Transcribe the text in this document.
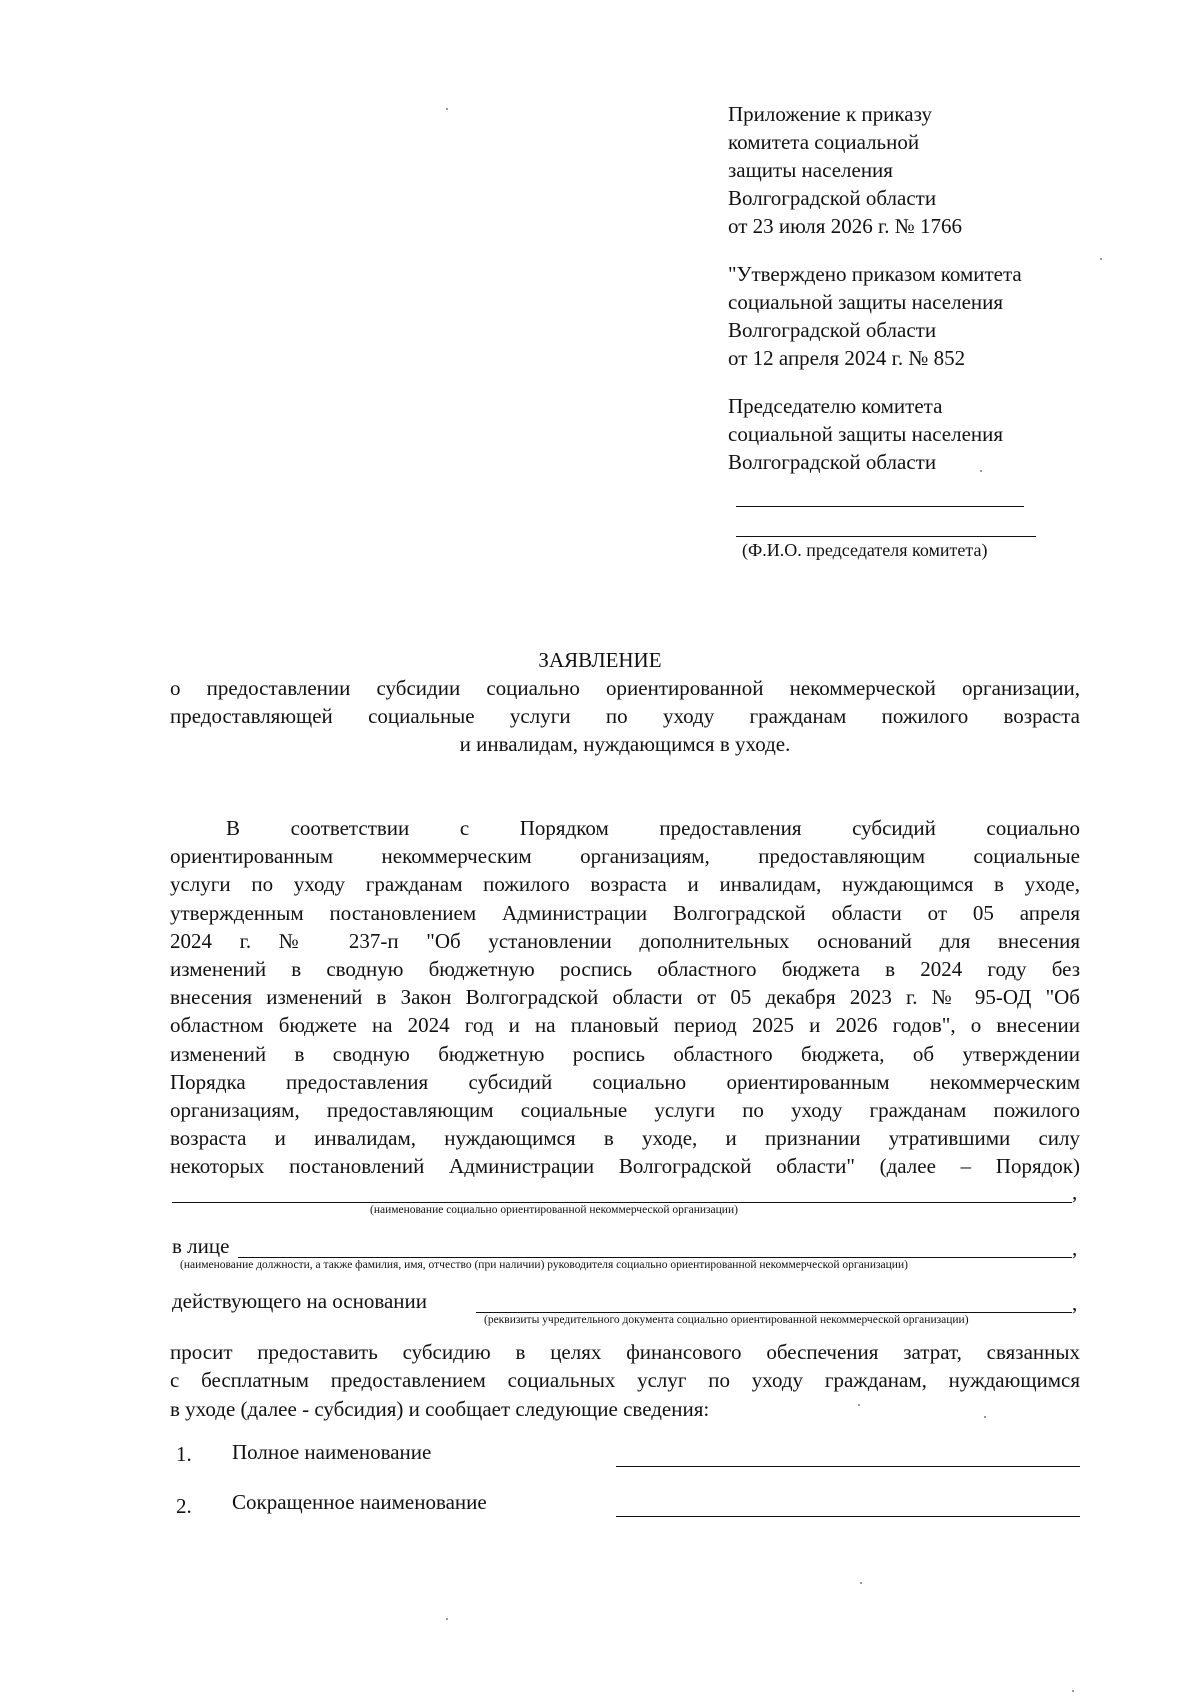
Приложение к приказу
комитета социальной
защиты населения
Волгоградской области
от 23 июля 2026 г. № 1766
"Утверждено приказом комитета
социальной защиты населения
Волгоградской области
от 12 апреля 2024 г. № 852
Председателю комитета
социальной защиты населения
Волгоградской области
(Ф.И.О. председателя комитета)
ЗАЯВЛЕНИЕ
о предоставлении субсидии социально ориентированной некоммерческой организации,
предоставляющей социальные услуги по уходу гражданам пожилого возраста
и инвалидам, нуждающимся в уходе.
В соответствии с Порядком предоставления субсидий социально
ориентированным некоммерческим организациям, предоставляющим социальные
услуги по уходу гражданам пожилого возраста и инвалидам, нуждающимся в уходе,
утвержденным постановлением Администрации Волгоградской области от 05 апреля
2024 г. № 237-п "Об установлении дополнительных оснований для внесения
изменений в сводную бюджетную роспись областного бюджета в 2024 году без
внесения изменений в Закон Волгоградской области от 05 декабря 2023 г. № 95-ОД "Об
областном бюджете на 2024 год и на плановый период 2025 и 2026 годов", о внесении
изменений в сводную бюджетную роспись областного бюджета, об утверждении
Порядка предоставления субсидий социально ориентированным некоммерческим
организациям, предоставляющим социальные услуги по уходу гражданам пожилого
возраста и инвалидам, нуждающимся в уходе, и признании утратившими силу
некоторых постановлений Администрации Волгоградской области" (далее – Порядок)
,
(наименование социально ориентированной некоммерческой организации)
в лице	,
(наименование должности, а также фамилия, имя, отчество (при наличии) руководителя социально ориентированной некоммерческой организации)
действующего на основании	,
(реквизиты учредительного документа социально ориентированной некоммерческой организации)
просит предоставить субсидию в целях финансового обеспечения затрат, связанных
с бесплатным предоставлением социальных услуг по уходу гражданам, нуждающимся
в уходе (далее - субсидия) и сообщает следующие сведения:
1. Полное наименование
2. Сокращенное наименование
